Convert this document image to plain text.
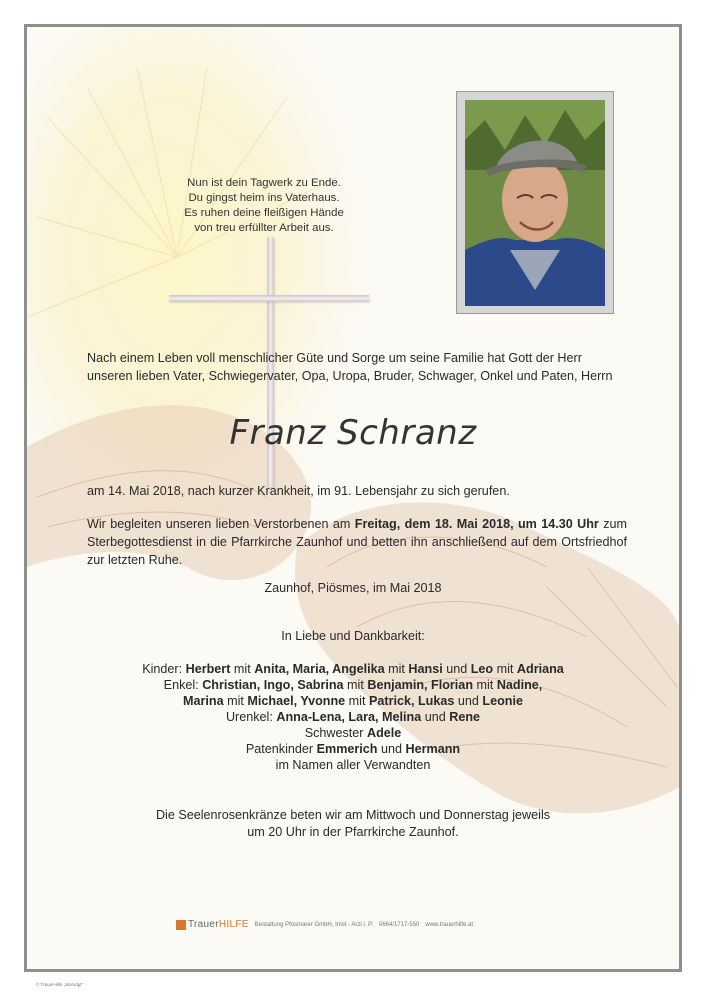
Nun ist dein Tagwerk zu Ende.
Du gingst heim ins Vaterhaus.
Es ruhen deine fleißigen Hände
von treu erfüllter Arbeit aus.
Nach einem Leben voll menschlicher Güte und Sorge um seine Familie hat Gott der Herr
unseren lieben Vater, Schwiegervater, Opa, Uropa, Bruder, Schwager, Onkel und Paten, Herrn
Franz Schranz
am 14. Mai 2018, nach kurzer Krankheit, im 91. Lebensjahr zu sich gerufen.
Wir begleiten unseren lieben Verstorbenen am Freitag, dem 18. Mai 2018, um 14.30 Uhr zum Sterbegottesdienst in die Pfarrkirche Zaunhof und betten ihn anschließend auf dem Ortsfriedhof zur letzten Ruhe.
Zaunhof, Piösmes, im Mai 2018
In Liebe und Dankbarkeit:
Kinder: Herbert mit Anita, Maria, Angelika mit Hansi und Leo mit Adriana
Enkel: Christian, Ingo, Sabrina mit Benjamin, Florian mit Nadine,
Marina mit Michael, Yvonne mit Patrick, Lukas und Leonie
Urenkel: Anna-Lena, Lara, Melina und Rene
Schwester Adele
Patenkinder Emmerich und Hermann
im Namen aller Verwandten
Die Seelenrosenkränze beten wir am Mittwoch und Donnerstag jeweils
um 20 Uhr in der Pfarrkirche Zaunhof.
TrauerHILFE Bestattung Pfosmarer GmbH, Imst - Arzl i. P. 0664/1717-550 www.trauerhilfe.at
© TrauerHilfe „Marxdgt"
